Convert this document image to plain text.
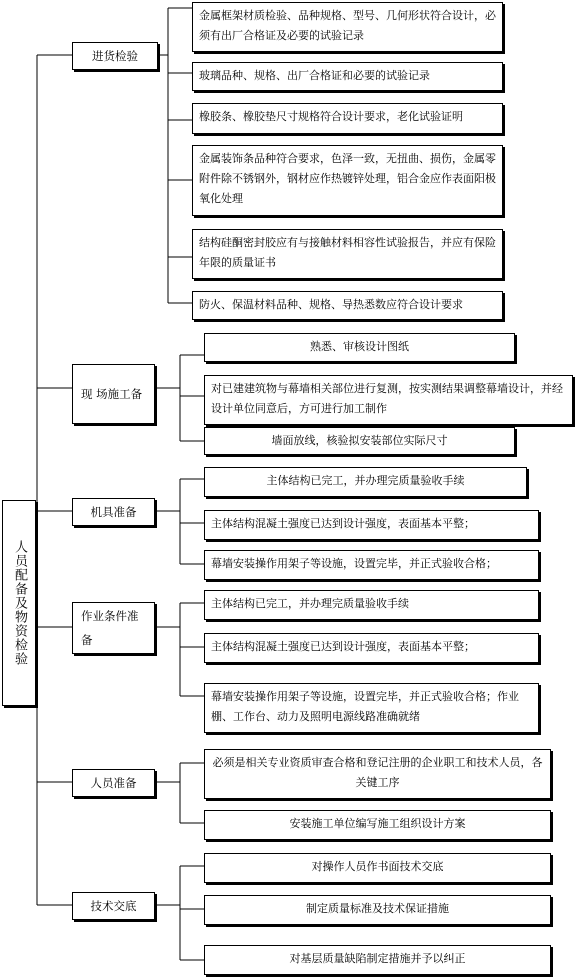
人员配备及物资检验
进货检验
金属框架材质检验、品种规格、型号、几何形状符合设计，必须有出厂合格证及必要的试验记录
玻璃品种、规格、出厂合格证和必要的试验记录
橡胶条、橡胶垫尺寸规格符合设计要求，老化试验证明
金属装饰条品种符合要求，色泽一致，无扭曲、损伤，金属零附件除不锈钢外，钢材应作热镀锌处理，铝合金应作表面阳极氧化处理
结构硅酮密封胶应有与接触材料相容性试验报告，并应有保险年限的质量证书
防火、保温材料品种、规格、导热悉数应符合设计要求
现 场施工备
熟悉、审核设计图纸
对已建建筑物与幕墙相关部位进行复测，按实测结果调整幕墙设计，并经设计单位同意后，方可进行加工制作
墙面放线，核验拟安装部位实际尺寸
机具准备
主体结构已完工，并办理完质量验收手续
主体结构混凝土强度已达到设计强度，表面基本平整；
幕墙安装操作用架子等设施，设置完毕，并正式验收合格；
作业条件准备
主体结构已完工，并办理完质量验收手续
主体结构混凝土强度已达到设计强度，表面基本平整；
幕墙安装操作用架子等设施，设置完毕，并正式验收合格；作业棚、工作台、动力及照明电源线路准确就绪
人员准备
必须是相关专业资质审查合格和登记注册的企业职工和技术人员，各关键工序
安装施工单位编写施工组织设计方案
技术交底
对操作人员作书面技术交底
制定质量标准及技术保证措施
对基层质量缺陷制定措施并予以纠正
